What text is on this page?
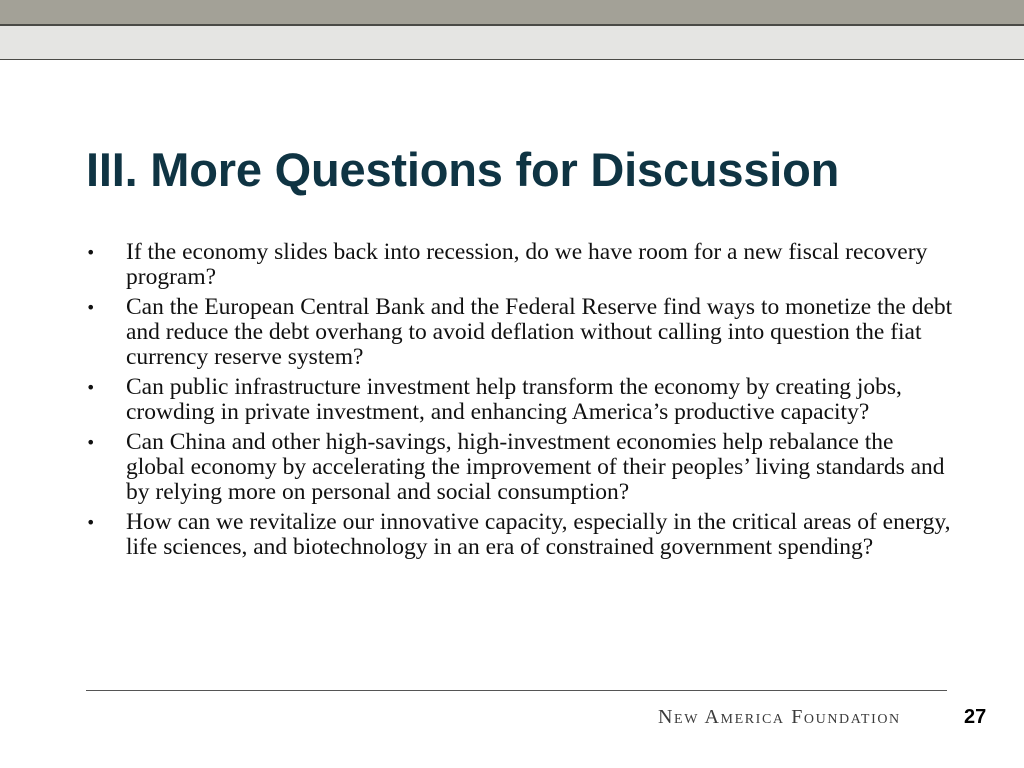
III. More Questions for Discussion
•	If the economy slides back into recession, do we have room for a new fiscal recovery program?
•	Can the European Central Bank and the Federal Reserve find ways to monetize the debt and reduce the debt overhang to avoid deflation without calling into question the fiat currency reserve system?
•	Can public infrastructure investment help transform the economy by creating jobs, crowding in private investment, and enhancing America’s productive capacity?
•	Can China and other high-savings, high-investment economies help rebalance the global economy by accelerating the improvement of their peoples’ living standards and by relying more on personal and social consumption?
•	How can we revitalize our innovative capacity, especially in the critical areas of energy, life sciences, and biotechnology in an era of constrained government spending?
New America Foundation	27
